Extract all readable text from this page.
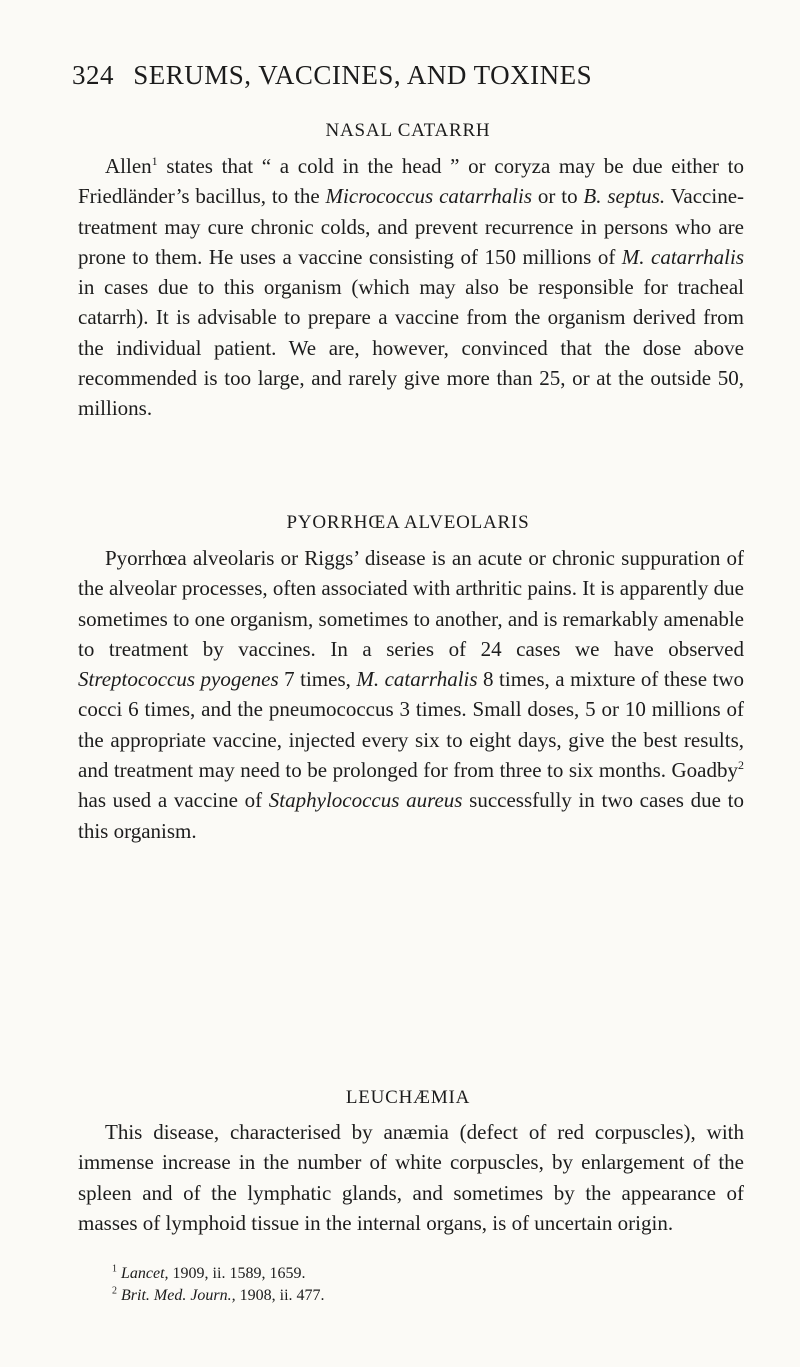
324 SERUMS, VACCINES, AND TOXINES
NASAL CATARRH

Allen$^1$ states that “ a cold in the head ” or coryza may be due either to Friedländer’s bacillus, to the Micrococcus catarrhalis or to B. septus. Vaccine-treatment may cure chronic colds, and prevent recurrence in persons who are prone to them. He uses a vaccine consisting of 150 millions of M. catarrhalis in cases due to this organism (which may also be responsible for tracheal catarrh). It is advisable to prepare a vaccine from the organism derived from the individual patient. We are, however, convinced that the dose above recommended is too large, and rarely give more than 25, or at the outside 50, millions.

PYORRHŒA ALVEOLARIS

Pyorrhœa alveolaris or Riggs’ disease is an acute or chronic suppuration of the alveolar processes, often associated with arthritic pains. It is apparently due sometimes to one organism, sometimes to another, and is remarkably amenable to treatment by vaccines. In a series of 24 cases we have observed Streptococcus pyogenes 7 times, M. catarrhalis 8 times, a mixture of these two cocci 6 times, and the pneumococcus 3 times. Small doses, 5 or 10 millions of the appropriate vaccine, injected every six to eight days, give the best results, and treatment may need to be prolonged for from three to six months. Goadby$^2$ has used a vaccine of Staphylococcus aureus successfully in two cases due to this organism.

LEUCHÆMIA

This disease, characterised by anæmia (defect of red corpuscles), with immense increase in the number of white corpuscles, by enlargement of the spleen and of the lymphatic glands, and sometimes by the appearance of masses of lymphoid tissue in the internal organs, is of uncertain origin.

$^1$ Lancet, 1909, ii. 1589, 1659.
$^2$ Brit. Med. Journ., 1908, ii. 477.
